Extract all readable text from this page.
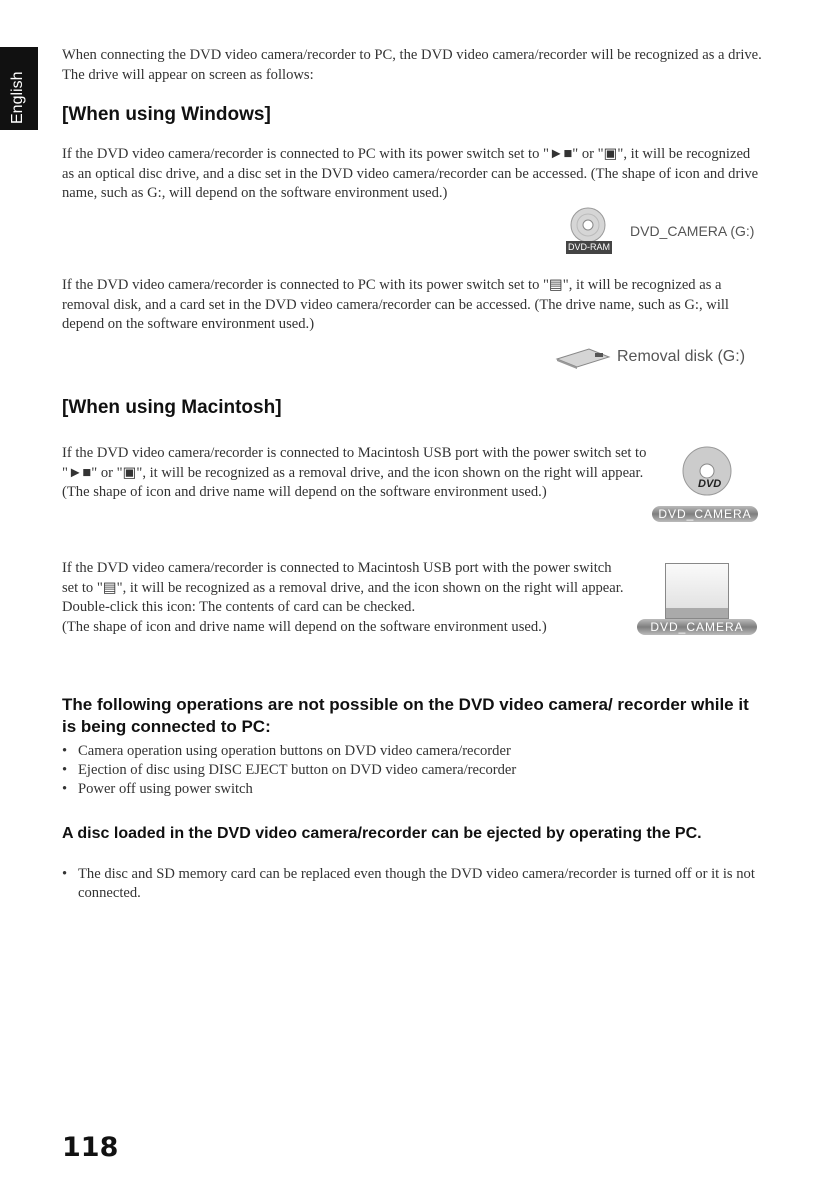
English
When connecting the DVD video camera/recorder to PC, the DVD video camera/recorder will be recognized as a drive. The drive will appear on screen as follows:
[When using Windows]
If the DVD video camera/recorder is connected to PC with its power switch set to "►■" or "▣", it will be recognized as an optical disc drive, and a disc set in the DVD video camera/recorder can be accessed. (The shape of icon and drive name, such as G:, will depend on the software environment used.)
DVD-RAM
DVD_CAMERA (G:)
If the DVD video camera/recorder is connected to PC with its power switch set to "▤", it will be recognized as a removal disk, and a card set in the DVD video camera/recorder can be accessed. (The drive name, such as G:, will depend on the software environment used.)
Removal disk (G:)
[When using Macintosh]
If the DVD video camera/recorder is connected to Macintosh USB port with the power switch set to "►■" or "▣", it will be recognized as a removal drive, and the icon shown on the right will appear. (The shape of icon and drive name will depend on the software environment used.)
DVD
DVD_CAMERA
If the DVD video camera/recorder is connected to Macintosh USB port with the power switch set to "▤", it will be recognized as a removal drive, and the icon shown on the right will appear.
Double-click this icon: The contents of card can be checked.
(The shape of icon and drive name will depend on the software environment used.)	DVD_CAMERA
The following operations are not possible on the DVD video camera/ recorder while it is being connected to PC:
• Camera operation using operation buttons on DVD video camera/recorder
• Ejection of disc using DISC EJECT button on DVD video camera/recorder
• Power off using power switch
A disc loaded in the DVD video camera/recorder can be ejected by operating the PC.
• The disc and SD memory card can be replaced even though the DVD video camera/recorder is turned off or it is not connected.
118
